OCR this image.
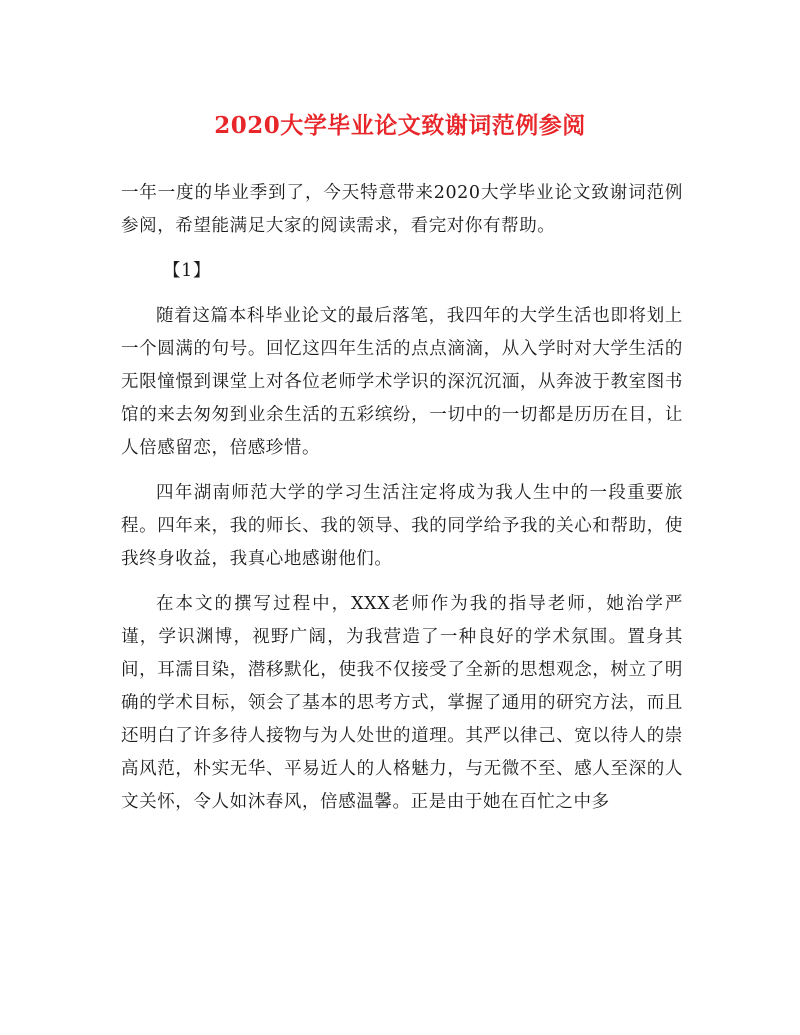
2020大学毕业论文致谢词范例参阅

一年一度的毕业季到了，今天特意带来2020大学毕业论文致谢词范例参阅，希望能满足大家的阅读需求，看完对你有帮助。

【1】

随着这篇本科毕业论文的最后落笔，我四年的大学生活也即将划上一个圆满的句号。回忆这四年生活的点点滴滴，从入学时对大学生活的无限憧憬到课堂上对各位老师学术学识的深沉沉湎，从奔波于教室图书馆的来去匆匆到业余生活的五彩缤纷，一切中的一切都是历历在目，让人倍感留恋，倍感珍惜。

四年湖南师范大学的学习生活注定将成为我人生中的一段重要旅程。四年来，我的师长、我的领导、我的同学给予我的关心和帮助，使我终身收益，我真心地感谢他们。

在本文的撰写过程中，XXX老师作为我的指导老师，她治学严谨，学识渊博，视野广阔，为我营造了一种良好的学术氛围。置身其间，耳濡目染，潜移默化，使我不仅接受了全新的思想观念，树立了明确的学术目标，领会了基本的思考方式，掌握了通用的研究方法，而且还明白了许多待人接物与为人处世的道理。其严以律己、宽以待人的崇高风范，朴实无华、平易近人的人格魅力，与无微不至、感人至深的人文关怀，令人如沐春风，倍感温馨。正是由于她在百忙之中多
